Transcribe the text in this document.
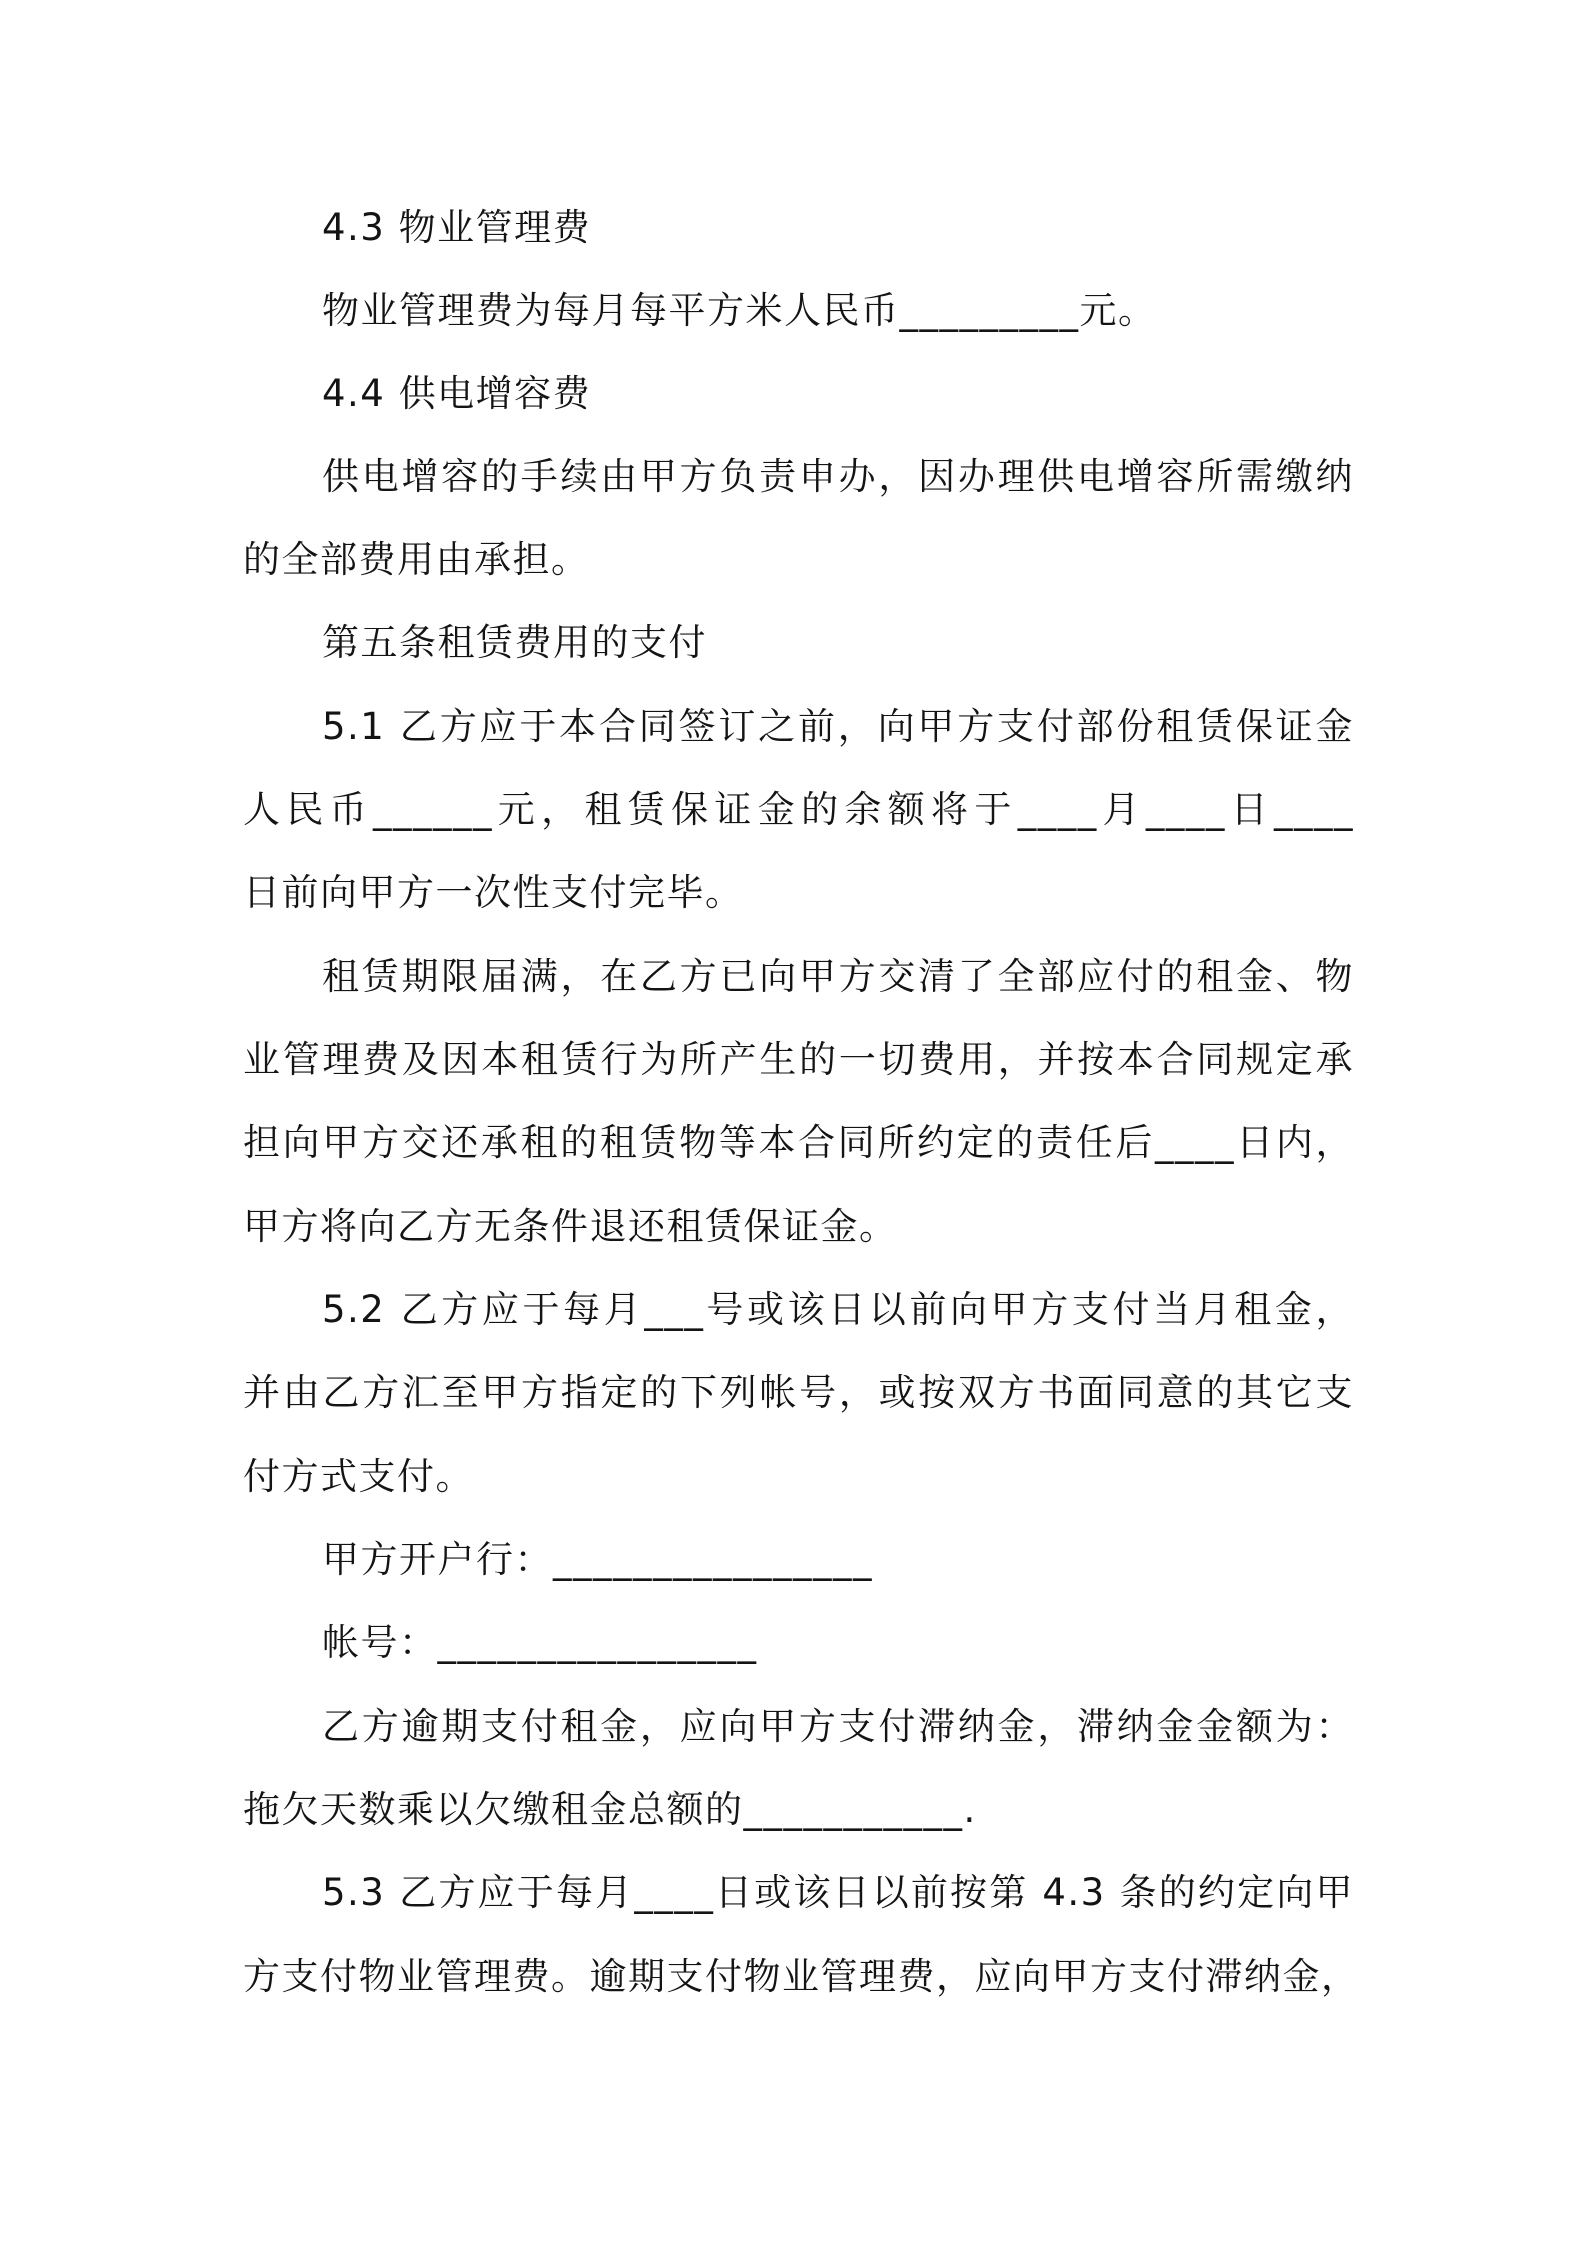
4.3 物业管理费
物业管理费为每月每平方米人民币_________元。
4.4 供电增容费
供电增容的手续由甲方负责申办，因办理供电增容所需缴纳
的全部费用由承担。
第五条租赁费用的支付
5.1 乙方应于本合同签订之前，向甲方支付部份租赁保证金
人民币______元，租赁保证金的余额将于____月____日____
日前向甲方一次性支付完毕。
租赁期限届满，在乙方已向甲方交清了全部应付的租金、物
业管理费及因本租赁行为所产生的一切费用，并按本合同规定承
担向甲方交还承租的租赁物等本合同所约定的责任后____日内，
甲方将向乙方无条件退还租赁保证金。
5.2 乙方应于每月___号或该日以前向甲方支付当月租金，
并由乙方汇至甲方指定的下列帐号，或按双方书面同意的其它支
付方式支付。
甲方开户行：________________
帐号：________________
乙方逾期支付租金，应向甲方支付滞纳金，滞纳金金额为：
拖欠天数乘以欠缴租金总额的___________.
5.3 乙方应于每月____日或该日以前按第 4.3 条的约定向甲
方支付物业管理费。逾期支付物业管理费，应向甲方支付滞纳金，
